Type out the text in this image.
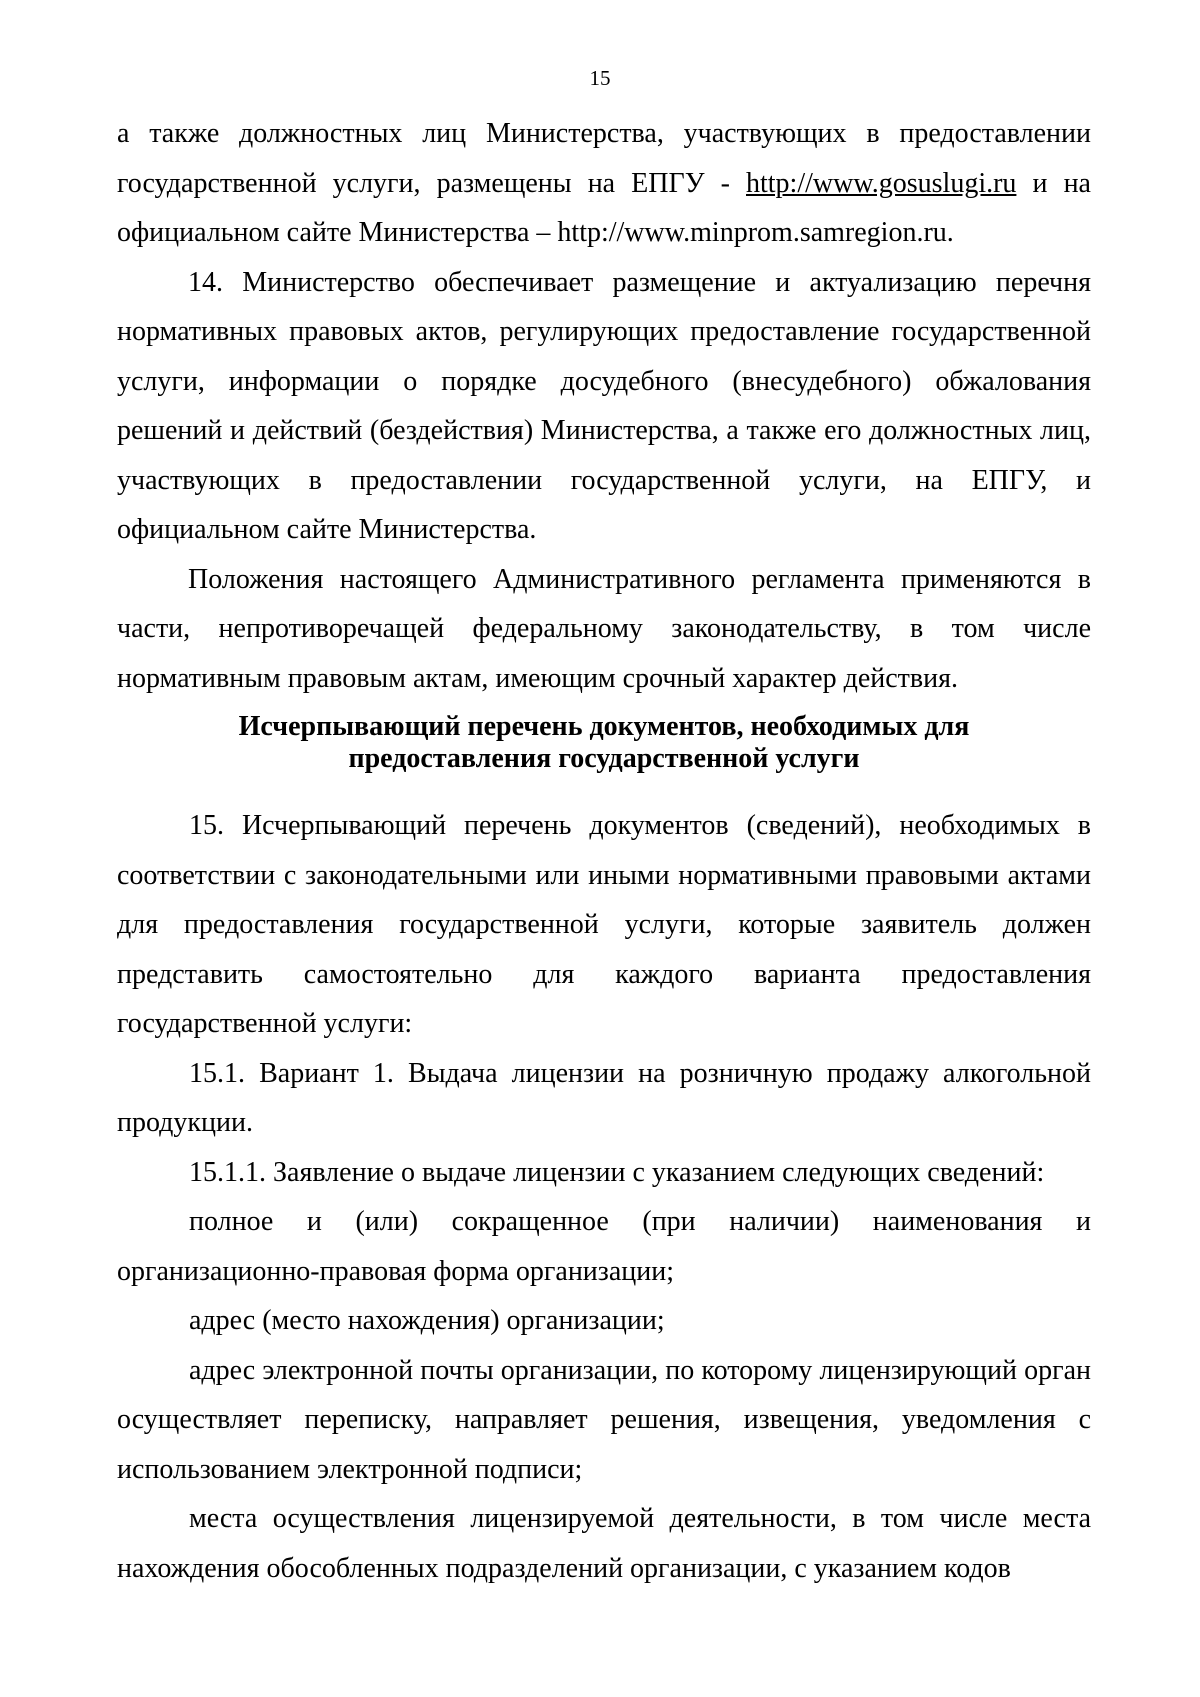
15

а также должностных лиц Министерства, участвующих в предоставлении государственной услуги, размещены на ЕПГУ - http://www.gosuslugi.ru и на официальном сайте Министерства – http://www.minprom.samregion.ru.

14. Министерство обеспечивает размещение и актуализацию перечня нормативных правовых актов, регулирующих предоставление государственной услуги, информации о порядке досудебного (внесудебного) обжалования решений и действий (бездействия) Министерства, а также его должностных лиц, участвующих в предоставлении государственной услуги, на ЕПГУ, и официальном сайте Министерства.

Положения настоящего Административного регламента применяются в части, непротиворечащей федеральному законодательству, в том числе нормативным правовым актам, имеющим срочный характер действия.

Исчерпывающий перечень документов, необходимых для
предоставления государственной услуги

15. Исчерпывающий перечень документов (сведений), необходимых в соответствии с законодательными или иными нормативными правовыми актами для предоставления государственной услуги, которые заявитель должен представить самостоятельно для каждого варианта предоставления государственной услуги:

15.1. Вариант 1. Выдача лицензии на розничную продажу алкогольной продукции.

15.1.1. Заявление о выдаче лицензии с указанием следующих сведений:

полное и (или) сокращенное (при наличии) наименования и организационно-правовая форма организации;

адрес (место нахождения) организации;

адрес электронной почты организации, по которому лицензирующий орган осуществляет переписку, направляет решения, извещения, уведомления с использованием электронной подписи;

места осуществления лицензируемой деятельности, в том числе места нахождения обособленных подразделений организации, с указанием кодов
